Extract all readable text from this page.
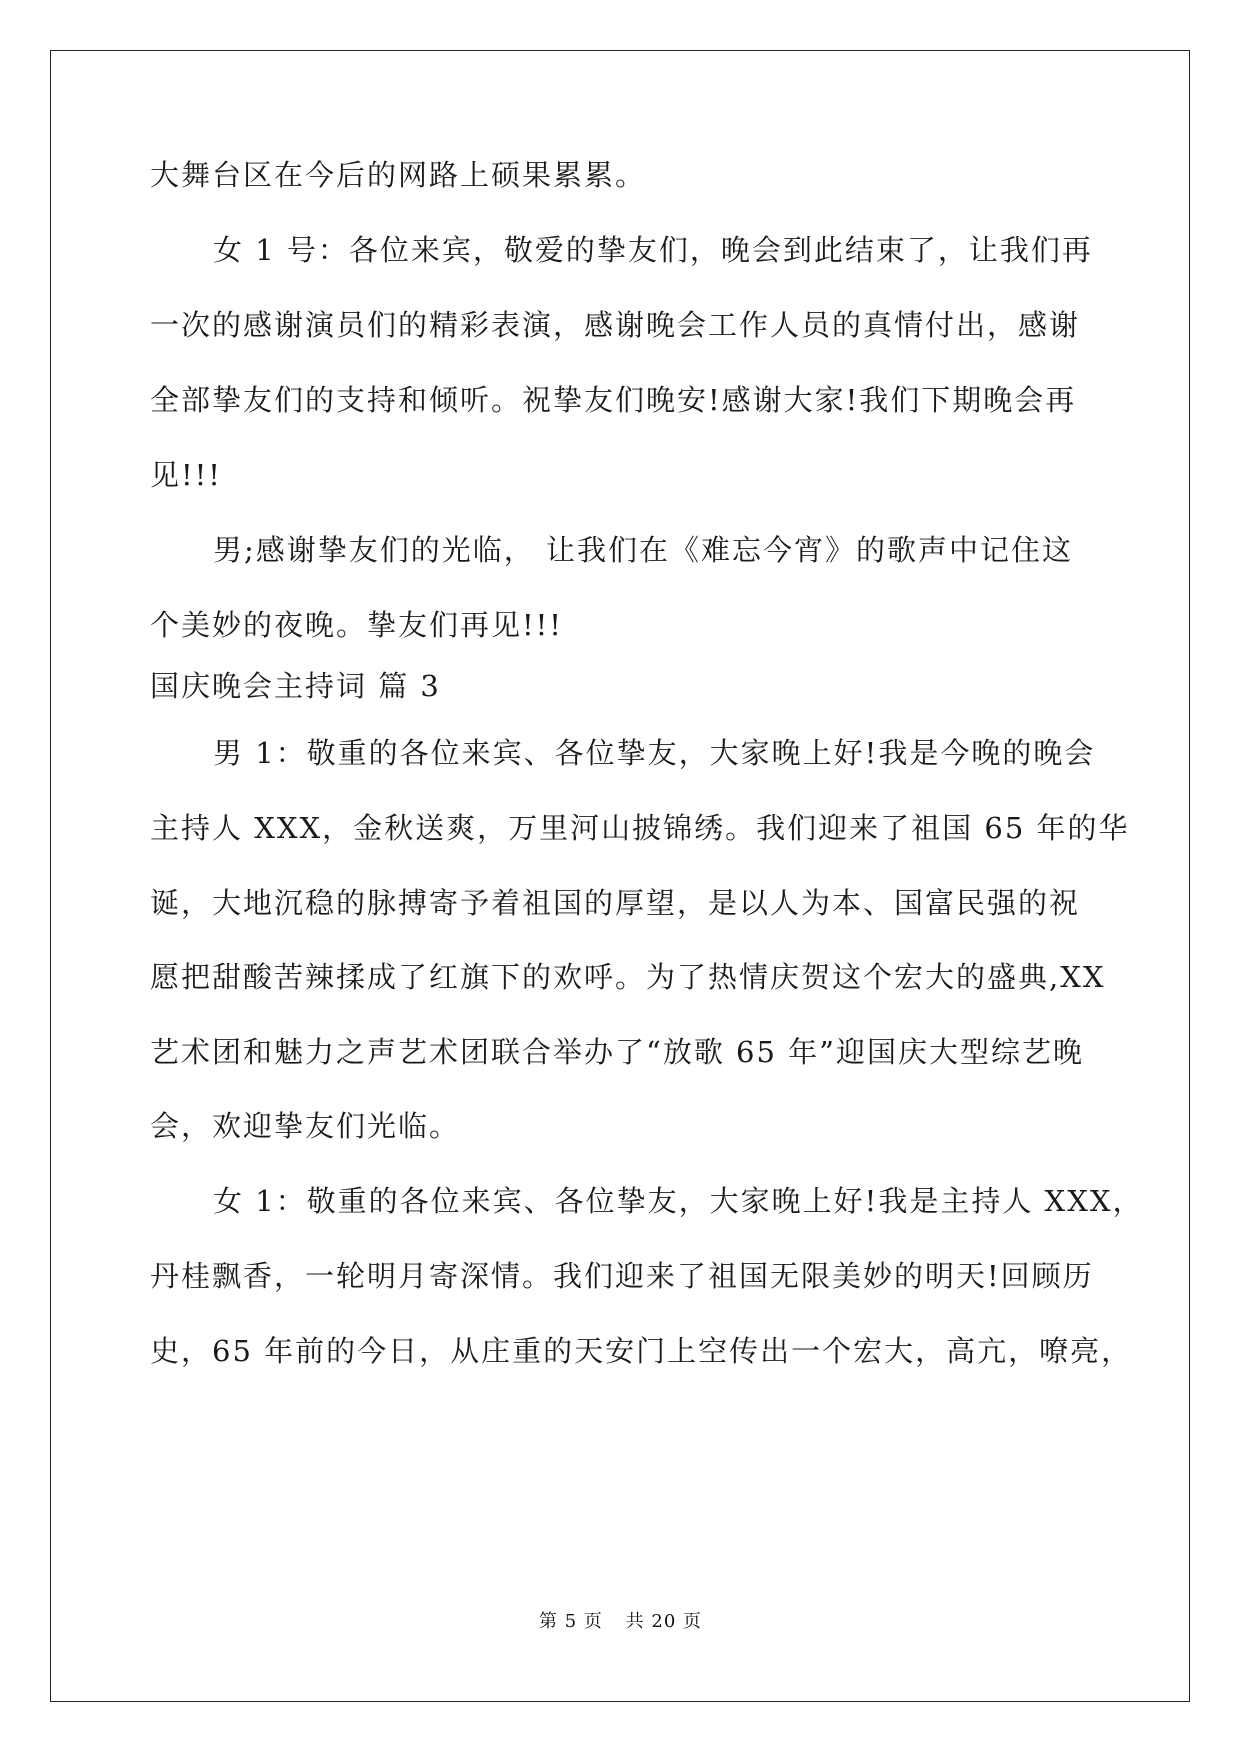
大舞台区在今后的网路上硕果累累。
女 1 号：各位来宾，敬爱的挚友们，晚会到此结束了，让我们再
一次的感谢演员们的精彩表演，感谢晚会工作人员的真情付出，感谢
全部挚友们的支持和倾听。祝挚友们晚安!感谢大家!我们下期晚会再
见!!!
男;感谢挚友们的光临， 让我们在《难忘今宵》的歌声中记住这
个美妙的夜晚。挚友们再见!!!
国庆晚会主持词 篇 3
男 1：敬重的各位来宾、各位挚友，大家晚上好!我是今晚的晚会
主持人 XXX，金秋送爽，万里河山披锦绣。我们迎来了祖国 65 年的华
诞，大地沉稳的脉搏寄予着祖国的厚望，是以人为本、国富民强的祝
愿把甜酸苦辣揉成了红旗下的欢呼。为了热情庆贺这个宏大的盛典,XX
艺术团和魅力之声艺术团联合举办了“放歌 65 年”迎国庆大型综艺晚
会，欢迎挚友们光临。
女 1：敬重的各位来宾、各位挚友，大家晚上好!我是主持人 XXX，
丹桂飘香，一轮明月寄深情。我们迎来了祖国无限美妙的明天!回顾历
史，65 年前的今日，从庄重的天安门上空传出一个宏大，高亢，嘹亮，
第 5 页 共 20 页
